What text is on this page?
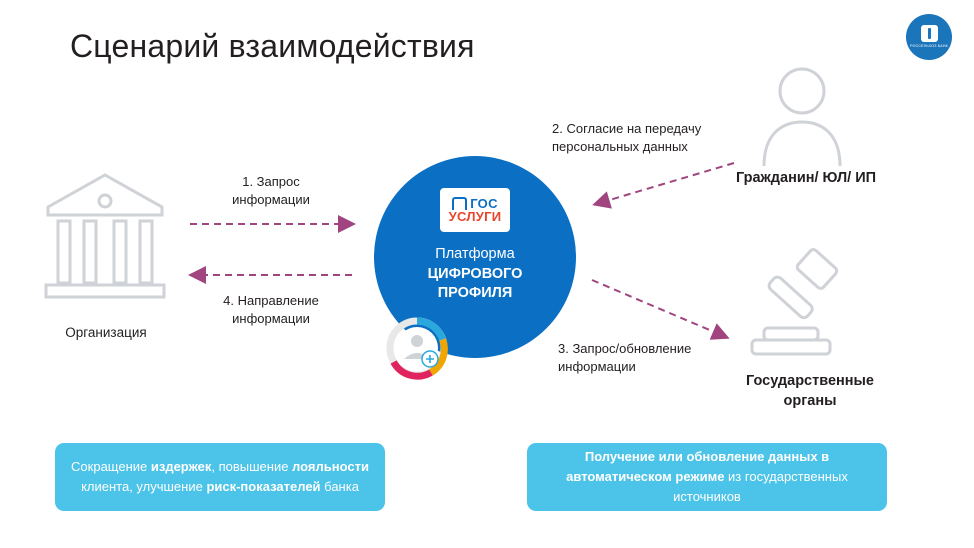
Сценарий взаимодействия	РОССЕЛЬХОЗ БАНК
ГОС
УСЛУГИ
Платформа
ЦИФРОВОГО
ПРОФИЛЯ
Организация
Гражданин/ ЮЛ/ ИП
Государственные
органы
1. Запрос
информации
4. Направление
информации
2. Согласие на передачу
персональных данных
3. Запрос/обновление
информации
Сокращение издержек, повышение лояльности клиента, улучшение риск-показателей банка
Получение или обновление данных в автоматическом режиме из государственных источников
